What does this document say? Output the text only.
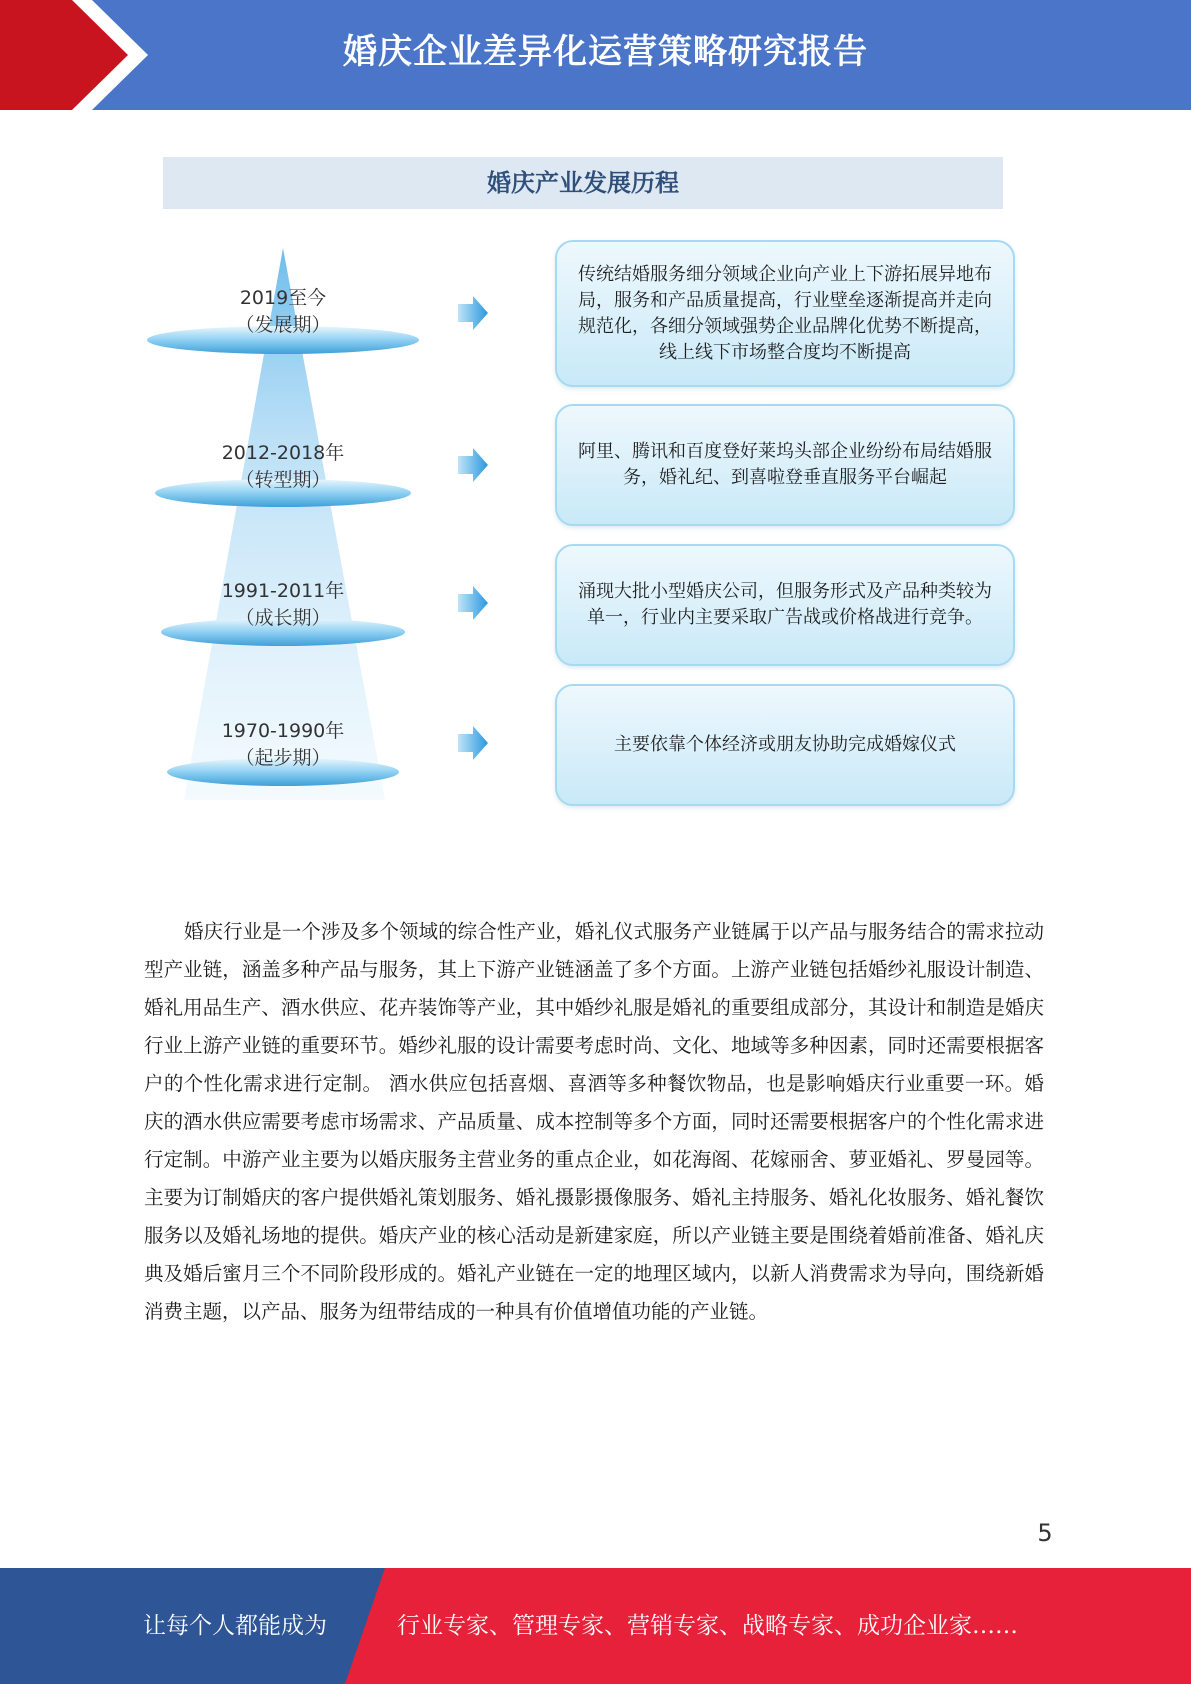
婚庆企业差异化运营策略研究报告
婚庆产业发展历程
2019至今
（发展期）
2012-2018年
（转型期）
1991-2011年
（成长期）
1970-1990年
（起步期）
传统结婚服务细分领域企业向产业上下游拓展异地布局，服务和产品质量提高，行业壁垒逐渐提高并走向规范化，各细分领域强势企业品牌化优势不断提高，线上线下市场整合度均不断提高
阿里、腾讯和百度登好莱坞头部企业纷纷布局结婚服务，婚礼纪、到喜啦登垂直服务平台崛起
涌现大批小型婚庆公司，但服务形式及产品种类较为单一，行业内主要采取广告战或价格战进行竞争。
主要依靠个体经济或朋友协助完成婚嫁仪式

婚庆行业是一个涉及多个领域的综合性产业，婚礼仪式服务产业链属于以产品与服务结合的需求拉动型产业链，涵盖多种产品与服务，其上下游产业链涵盖了多个方面。上游产业链包括婚纱礼服设计制造、婚礼用品生产、酒水供应、花卉装饰等产业，其中婚纱礼服是婚礼的重要组成部分，其设计和制造是婚庆行业上游产业链的重要环节。婚纱礼服的设计需要考虑时尚、文化、地域等多种因素，同时还需要根据客户的个性化需求进行定制。 酒水供应包括喜烟、喜酒等多种餐饮物品，也是影响婚庆行业重要一环。婚庆的酒水供应需要考虑市场需求、产品质量、成本控制等多个方面，同时还需要根据客户的个性化需求进行定制。中游产业主要为以婚庆服务主营业务的重点企业，如花海阁、花嫁丽舍、萝亚婚礼、罗曼园等。主要为订制婚庆的客户提供婚礼策划服务、婚礼摄影摄像服务、婚礼主持服务、婚礼化妆服务、婚礼餐饮服务以及婚礼场地的提供。婚庆产业的核心活动是新建家庭，所以产业链主要是围绕着婚前准备、婚礼庆典及婚后蜜月三个不同阶段形成的。婚礼产业链在一定的地理区域内，以新人消费需求为导向，围绕新婚消费主题，以产品、服务为纽带结成的一种具有价值增值功能的产业链。

5
让每个人都能成为	行业专家、管理专家、营销专家、战略专家、成功企业家……
